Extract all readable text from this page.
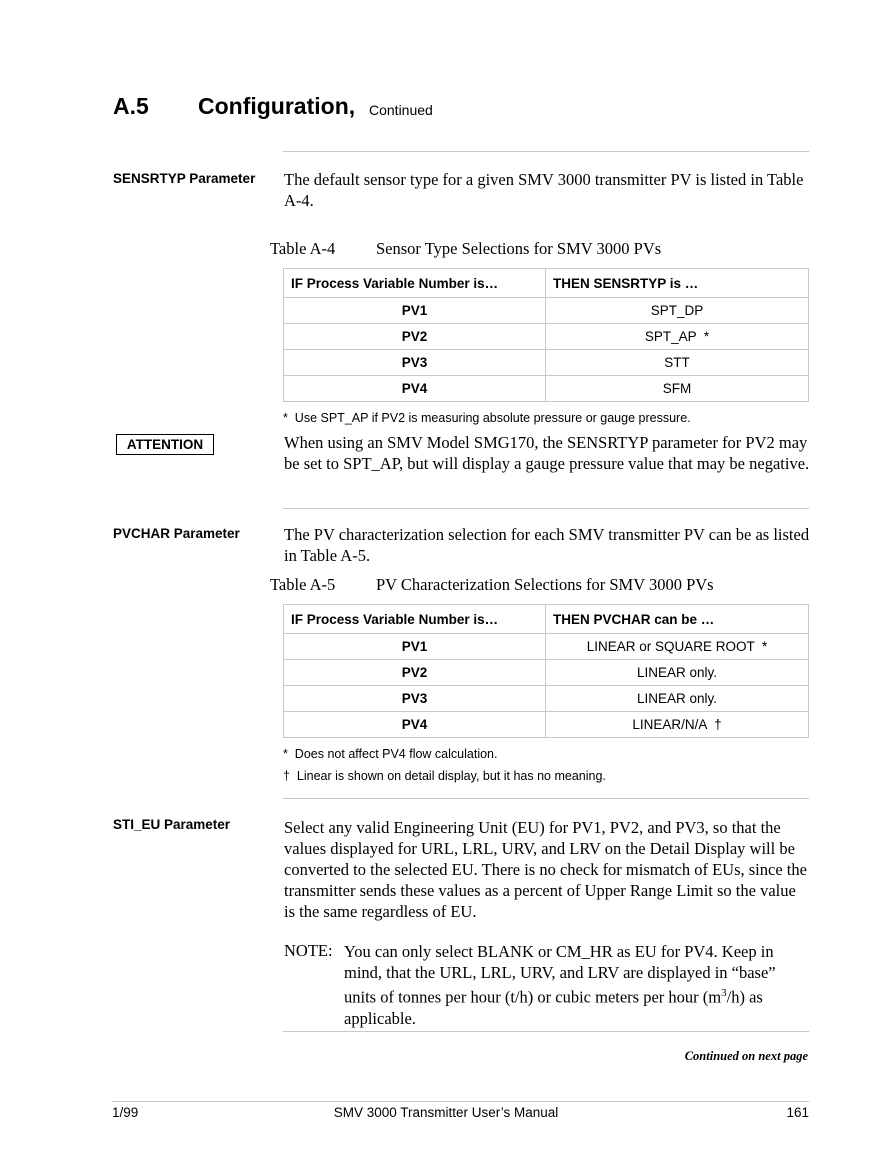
A.5 Configuration, Continued
SENSRTYP Parameter The default sensor type for a given SMV 3000 transmitter PV is listed in Table A-4.
Table A-4 Sensor Type Selections for SMV 3000 PVs
IF Process Variable Number is…	THEN SENSRTYP is …
PV1	SPT_DP
PV2	SPT_AP  *
PV3	STT
PV4	SFM
*  Use SPT_AP if PV2 is measuring absolute pressure or gauge pressure.
ATTENTION	When using an SMV Model SMG170, the SENSRTYP parameter for PV2 may be set to SPT_AP, but will display a gauge pressure value that may be negative.
PVCHAR Parameter	The PV characterization selection for each SMV transmitter PV can be as listed in Table A-5.
Table A-5 PV Characterization Selections for SMV 3000 PVs
IF Process Variable Number is…	THEN PVCHAR can be …
PV1	LINEAR or SQUARE ROOT  *
PV2	LINEAR only.
PV3	LINEAR only.
PV4	LINEAR/N/A  †
*  Does not affect PV4 flow calculation.
†  Linear is shown on detail display, but it has no meaning.
STI_EU Parameter	Select any valid Engineering Unit (EU) for PV1, PV2, and PV3, so that the values displayed for URL, LRL, URV, and LRV on the Detail Display will be converted to the selected EU. There is no check for mismatch of EUs, since the transmitter sends these values as a percent of Upper Range Limit so the value is the same regardless of EU.
NOTE: You can only select BLANK or CM_HR as EU for PV4. Keep in mind, that the URL, LRL, URV, and LRV are displayed in “base” units of tonnes per hour (t/h) or cubic meters per hour $(m^3/h)$ as applicable.
Continued on next page
1/99	SMV 3000 Transmitter User’s Manual	161
